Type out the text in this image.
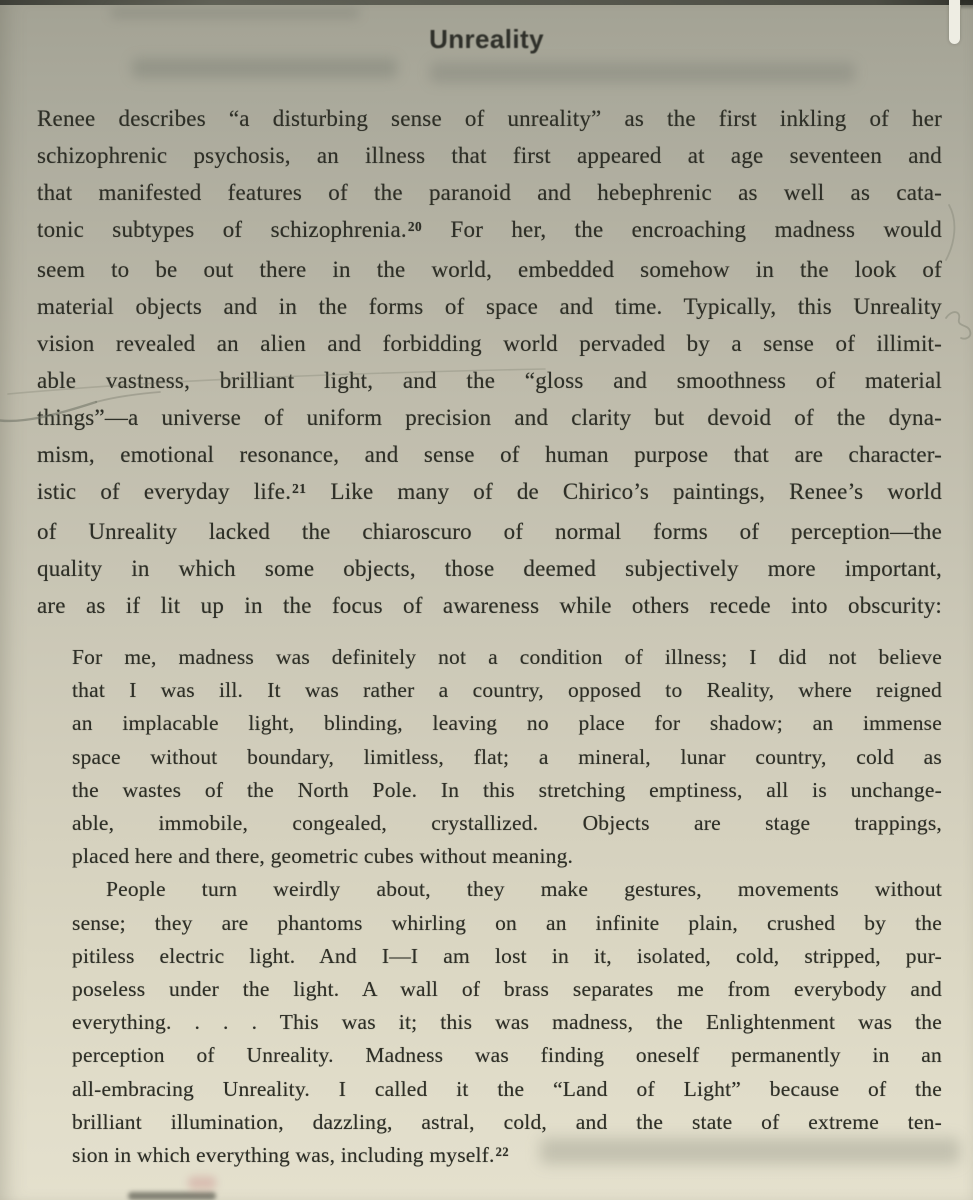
Unreality
Renee describes “a disturbing sense of unreality” as the first inkling of her
schizophrenic psychosis, an illness that first appeared at age seventeen and
that manifested features of the paranoid and hebephrenic as well as cata-
tonic subtypes of schizophrenia.$^{20}$ For her, the encroaching madness would
seem to be out there in the world, embedded somehow in the look of
material objects and in the forms of space and time. Typically, this Unreality
vision revealed an alien and forbidding world pervaded by a sense of illimit-
able vastness, brilliant light, and the “gloss and smoothness of material
things”—a universe of uniform precision and clarity but devoid of the dyna-
mism, emotional resonance, and sense of human purpose that are character-
istic of everyday life.$^{21}$ Like many of de Chirico’s paintings, Renee’s world
of Unreality lacked the chiaroscuro of normal forms of perception—the
quality in which some objects, those deemed subjectively more important,
are as if lit up in the focus of awareness while others recede into obscurity:
For me, madness was definitely not a condition of illness; I did not believe
that I was ill. It was rather a country, opposed to Reality, where reigned
an implacable light, blinding, leaving no place for shadow; an immense
space without boundary, limitless, flat; a mineral, lunar country, cold as
the wastes of the North Pole. In this stretching emptiness, all is unchange-
able, immobile, congealed, crystallized. Objects are stage trappings,
placed here and there, geometric cubes without meaning.
People turn weirdly about, they make gestures, movements without
sense; they are phantoms whirling on an infinite plain, crushed by the
pitiless electric light. And I—I am lost in it, isolated, cold, stripped, pur-
poseless under the light. A wall of brass separates me from everybody and
everything. . . . This was it; this was madness, the Enlightenment was the
perception of Unreality. Madness was finding oneself permanently in an
all-embracing Unreality. I called it the “Land of Light” because of the
brilliant illumination, dazzling, astral, cold, and the state of extreme ten-
sion in which everything was, including myself.$^{22}$
